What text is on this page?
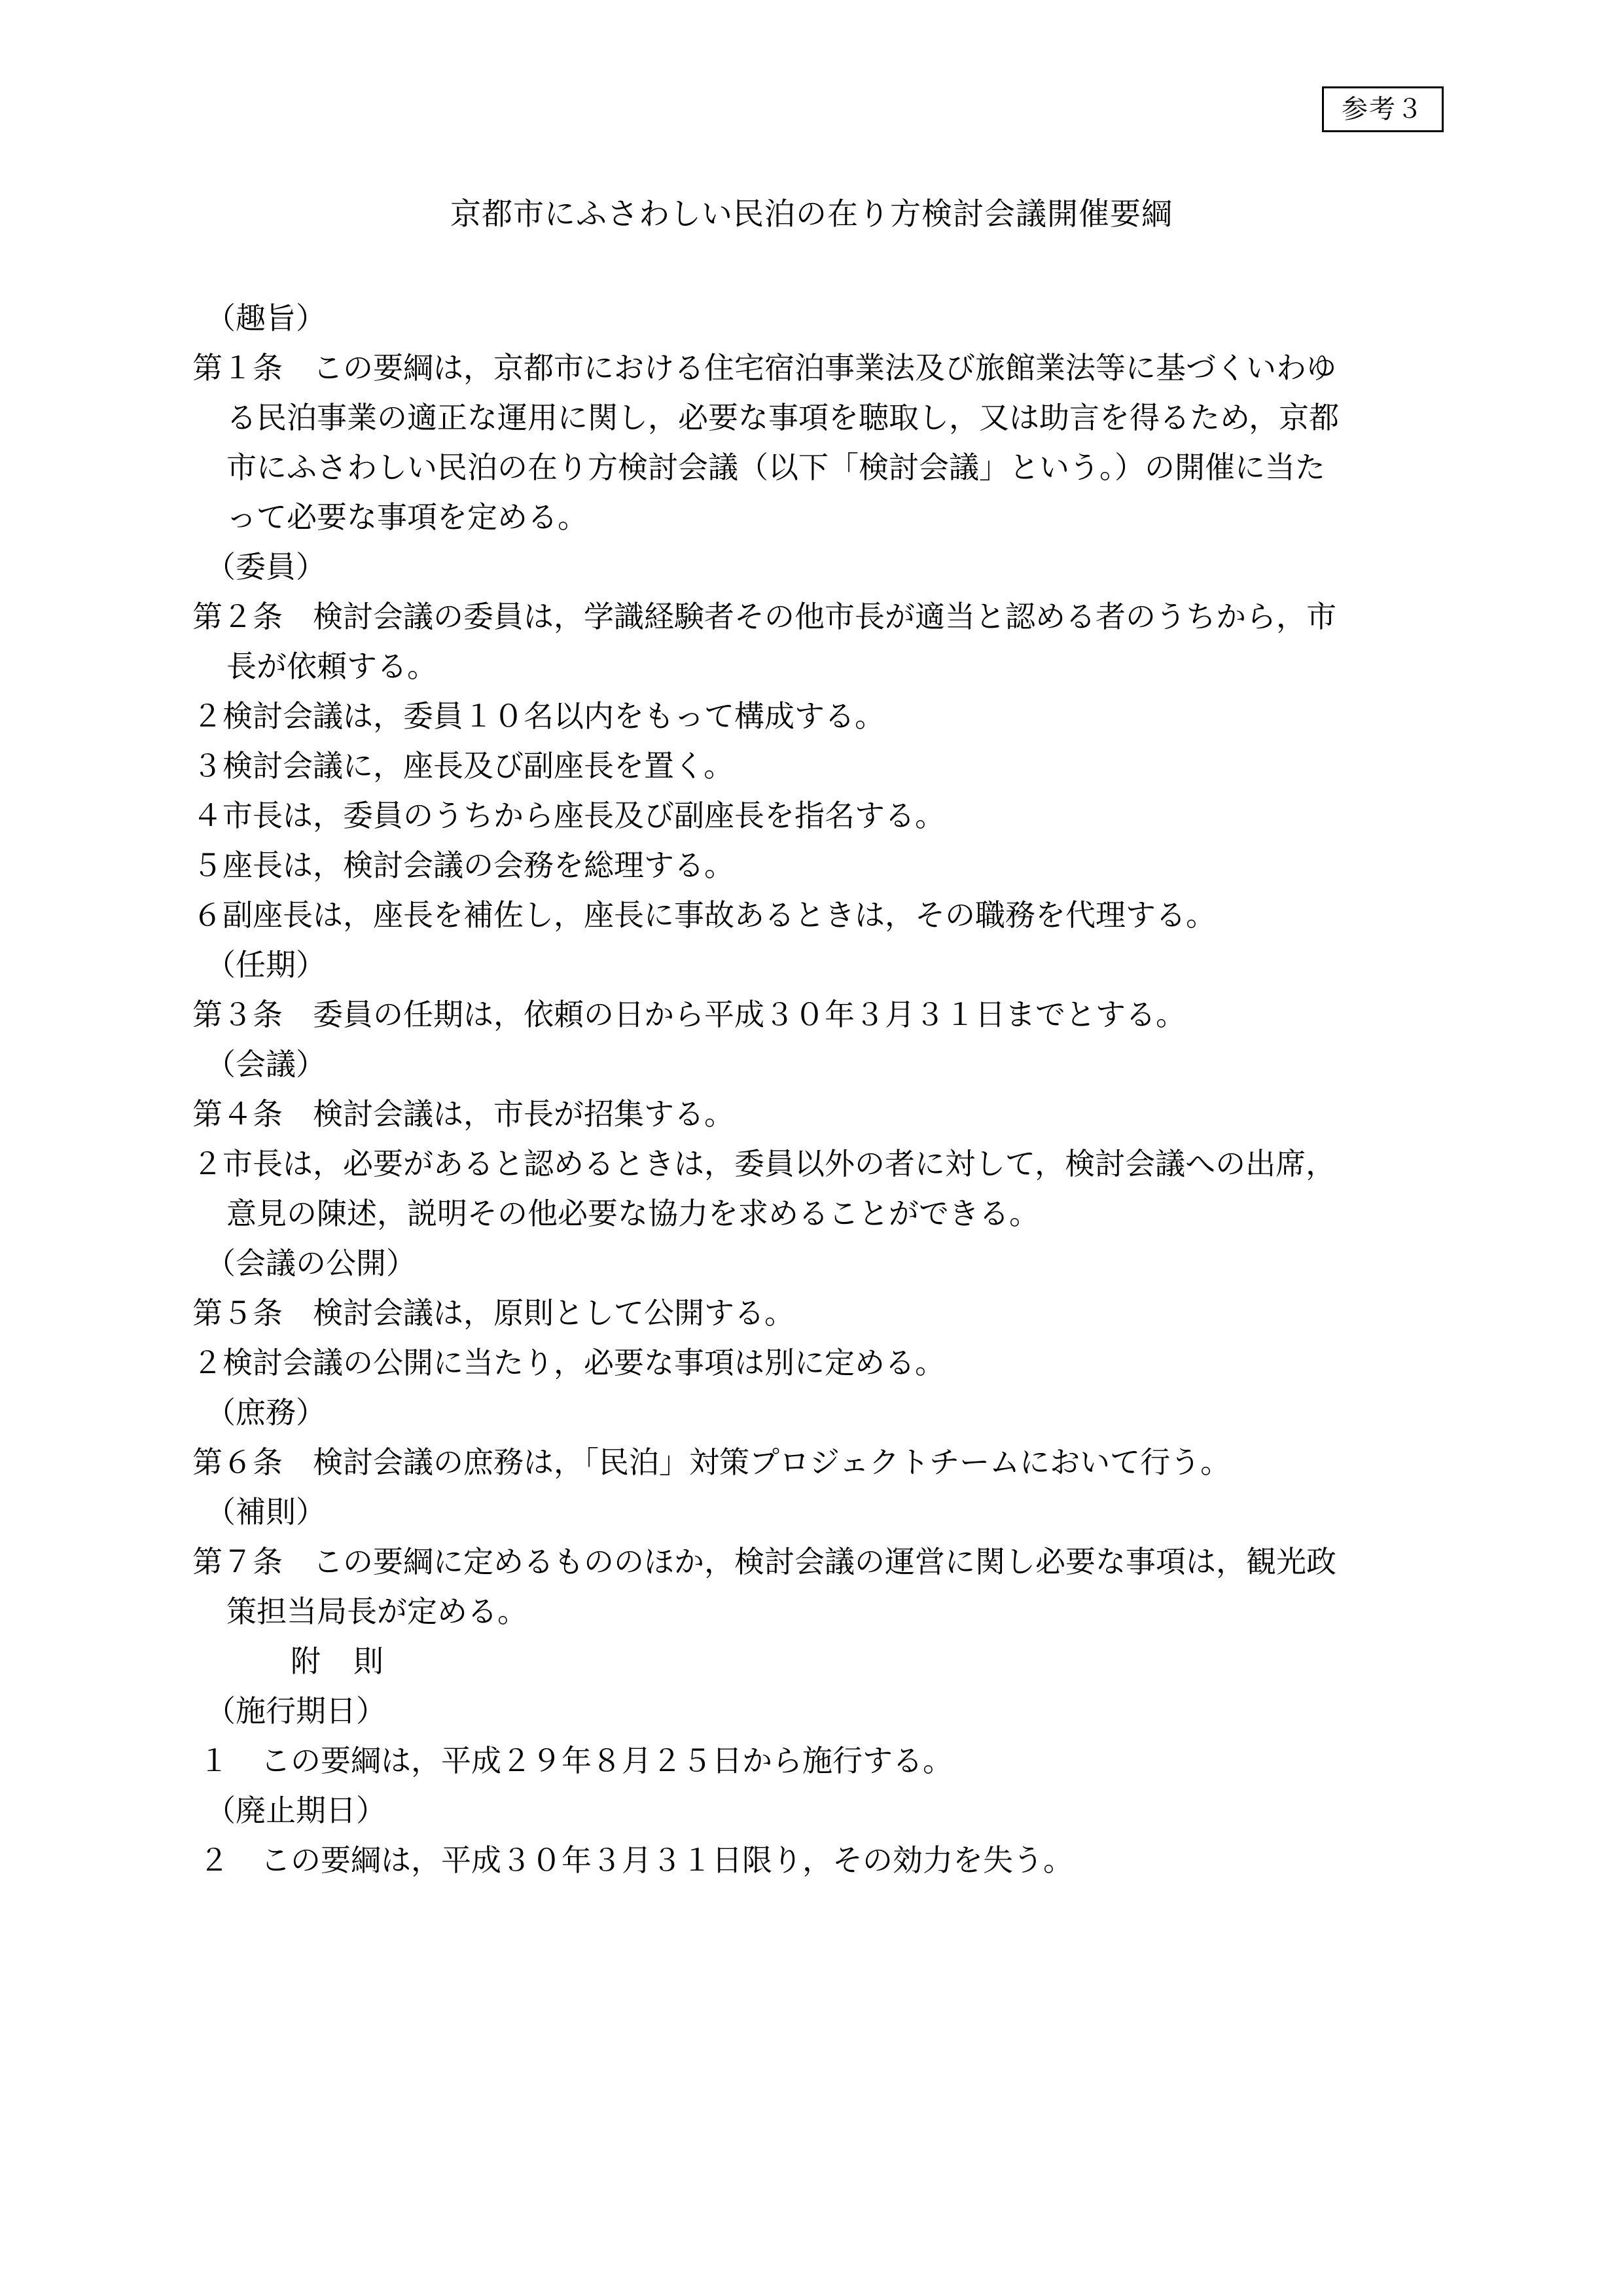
参考３
京都市にふさわしい民泊の在り方検討会議開催要綱
（趣旨）
第１条　 この要綱は，京都市における住宅宿泊事業法及び旅館業法等に基づくいわゆ
る民泊事業の適正な運用に関し，必要な事項を聴取し，又は助言を得るため，京都
市にふさわしい民泊の在り方検討会議（以下「検討会議」という。）の開催に当た
って必要な事項を定める。
（委員）
第２条　 検討会議の委員は，学識経験者その他市長が適当と認める者のうちから，市
長が依頼する。
２検討会議は，委員１０名以内をもって構成する。
３検討会議に，座長及び副座長を置く。
４市長は，委員のうちから座長及び副座長を指名する。
５座長は，検討会議の会務を総理する。
６副座長は，座長を補佐し，座長に事故あるときは，その職務を代理する。
（任期）
第３条　 委員の任期は，依頼の日から平成３０年３月３１日までとする。
（会議）
第４条　 検討会議は，市長が招集する。
２市長は，必要があると認めるときは，委員以外の者に対して，検討会議への出席，
意見の陳述，説明その他必要な協力を求めることができる。
（会議の公開）
第５条　 検討会議は，原則として公開する。
２検討会議の公開に当たり，必要な事項は別に定める。
（庶務）
第６条　 検討会議の庶務は，「民泊」対策プロジェクトチームにおいて行う。
（補則）
第７条　 この要綱に定めるもののほか，検討会議の運営に関し必要な事項は，観光政
策担当局長が定める。
附則
（施行期日）
１ この要綱は，平成２９年８月２５日から施行する。
（廃止期日）
２ この要綱は，平成３０年３月３１日限り，その効力を失う。
